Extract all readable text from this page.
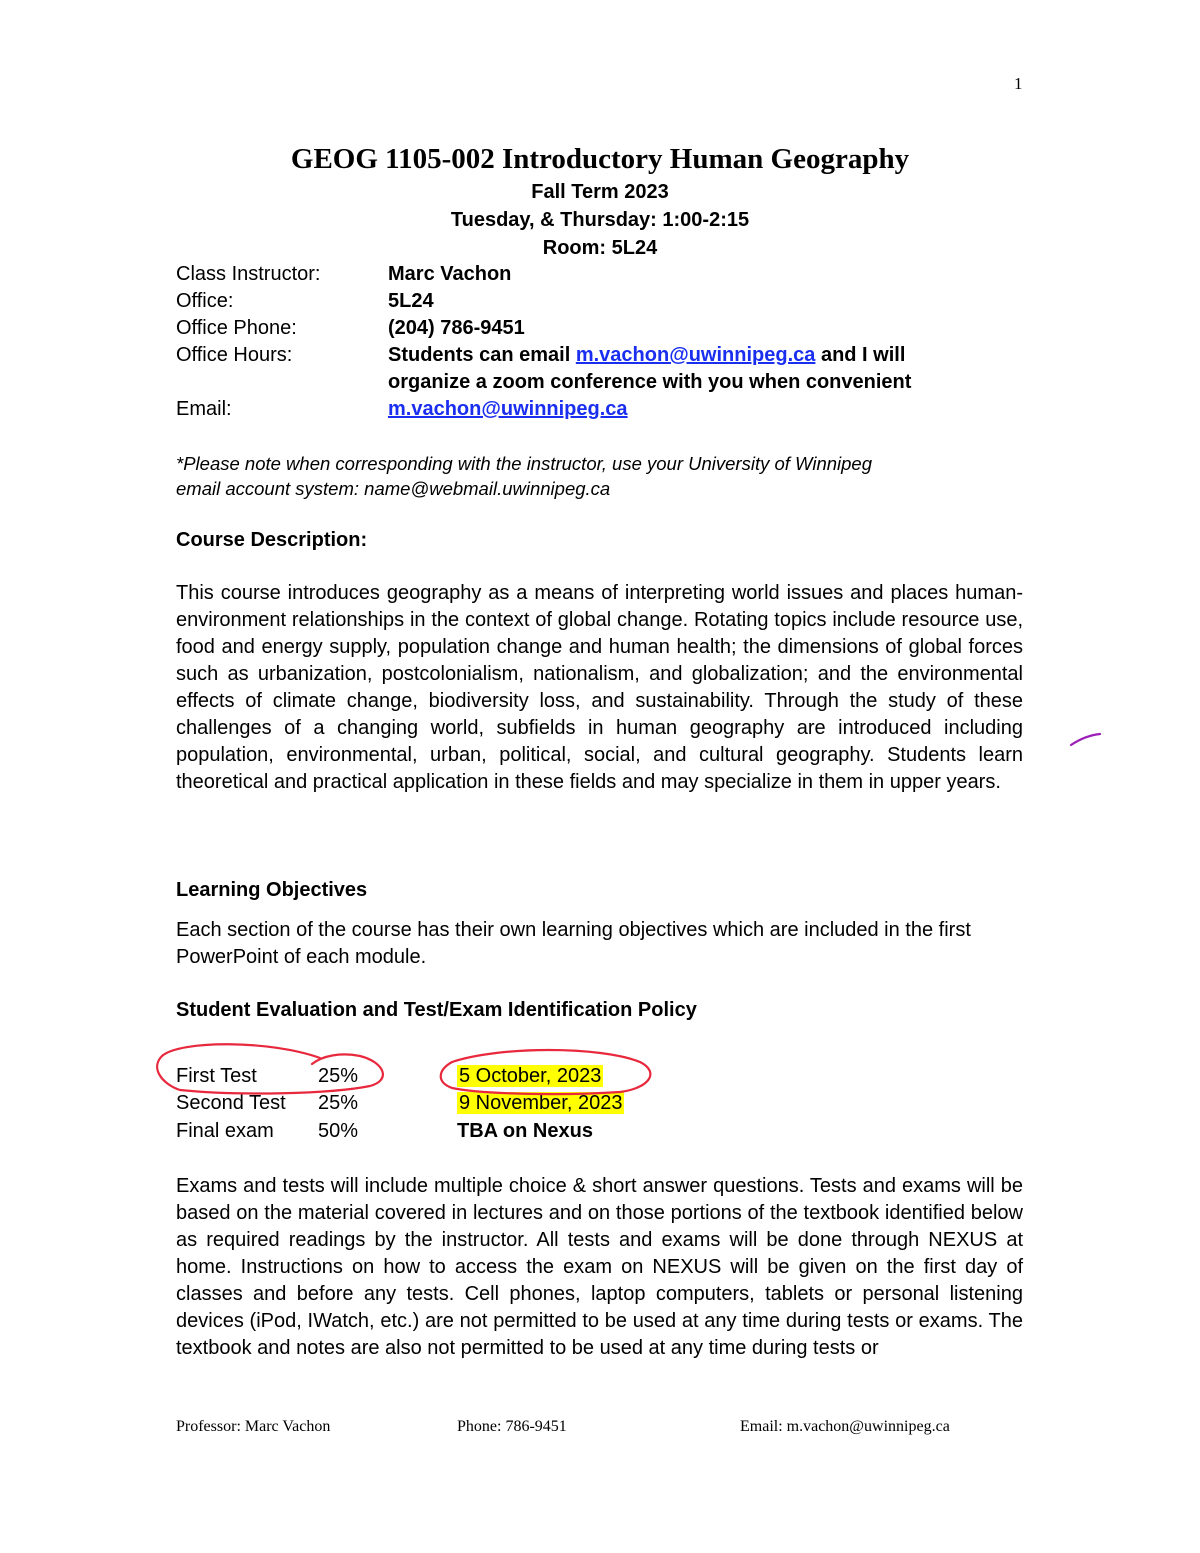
1
GEOG 1105-002 Introductory Human Geography
Fall Term 2023
Tuesday, & Thursday: 1:00-2:15
Room: 5L24
Class Instructor:	Marc Vachon
Office:	5L24
Office Phone:	(204) 786-9451
Office Hours:	Students can email m.vachon@uwinnipeg.ca and I will
organize a zoom conference with you when convenient
Email:	m.vachon@uwinnipeg.ca
*Please note when corresponding with the instructor, use your University of Winnipeg
email account system: name@webmail.uwinnipeg.ca
Course Description:
This course introduces geography as a means of interpreting world issues and places human-environment relationships in the context of global change. Rotating topics include resource use, food and energy supply, population change and human health; the dimensions of global forces such as urbanization, postcolonialism, nationalism, and globalization; and the environmental effects of climate change, biodiversity loss, and sustainability. Through the study of these challenges of a changing world, subfields in human geography are introduced including population, environmental, urban, political, social, and cultural geography. Students learn theoretical and practical application in these fields and may specialize in them in upper years.
Learning Objectives
Each section of the course has their own learning objectives which are included in the first PowerPoint of each module.
Student Evaluation and Test/Exam Identification Policy
First Test	25%	5 October, 2023
Second Test 25%	9 November, 2023
Final exam 50%	TBA on Nexus
Exams and tests will include multiple choice & short answer questions. Tests and exams will be based on the material covered in lectures and on those portions of the textbook identified below as required readings by the instructor. All tests and exams will be done through NEXUS at home. Instructions on how to access the exam on NEXUS will be given on the first day of classes and before any tests. Cell phones, laptop computers, tablets or personal listening devices (iPod, IWatch, etc.) are not permitted to be used at any time during tests or exams. The textbook and notes are also not permitted to be used at any time during tests or
Professor: Marc Vachon	Phone: 786-9451	Email: m.vachon@uwinnipeg.ca
